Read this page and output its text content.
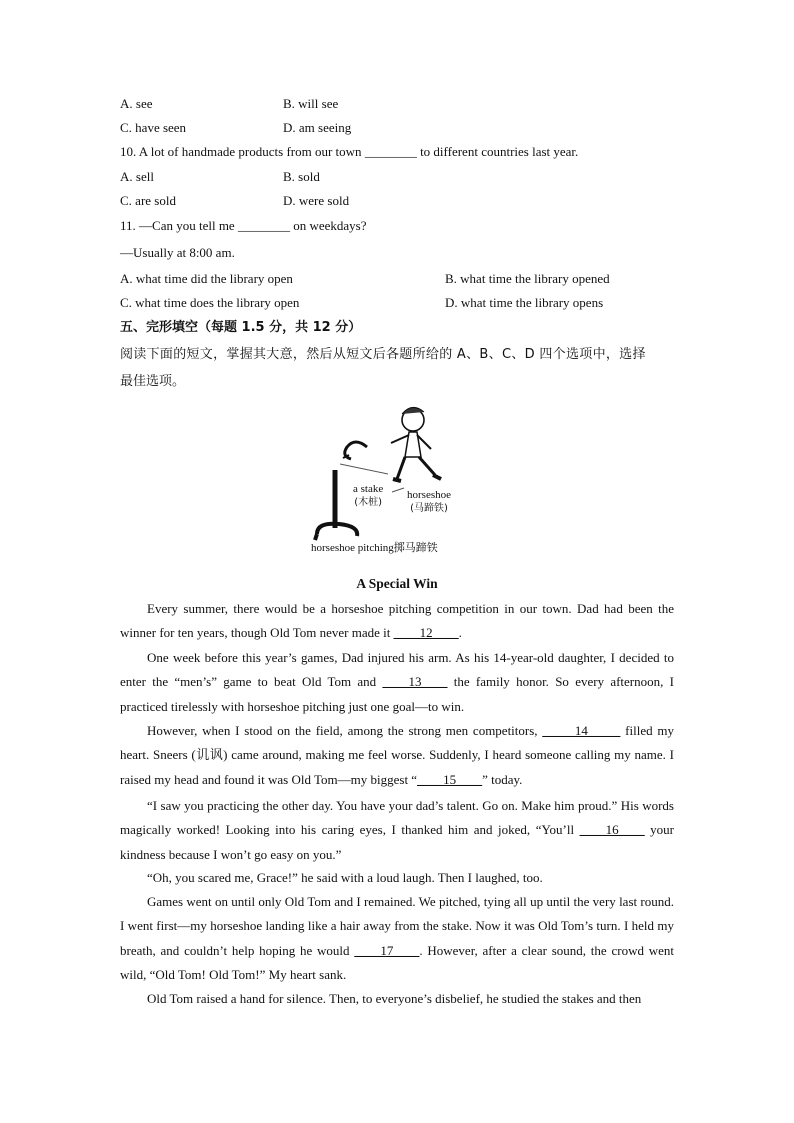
A. see	B. will see
C. have seen	D. am seeing
10. A lot of handmade products from our town ________ to different countries last year.
A. sell	B. sold
C. are sold	D. were sold
11. —Can you tell me ________ on weekdays?
—Usually at 8:00 am.
A. what time did the library open	B. what time the library opened
C. what time does the library open	D. what time the library opens
五、完形填空（每题 1.5 分，共 12 分）
阅读下面的短文，掌握其大意，然后从短文后各题所给的 A、B、C、D 四个选项中，选择
最佳选项。
a stake
(木桩)
horseshoe
(马蹄铁)
horseshoe pitching掷马蹄铁
A Special Win
Every summer, there would be a horseshoe pitching competition in our town. Dad had been the winner for ten years, though Old Tom never made it ____12____.
One week before this year’s games, Dad injured his arm. As his 14-year-old daughter, I decided to enter the “men’s” game to beat Old Tom and ____13____ the family honor. So every afternoon, I practiced tirelessly with horseshoe pitching just one goal—to win.
However, when I stood on the field, among the strong men competitors, _____14_____ filled my heart. Sneers (讥讽) came around, making me feel worse. Suddenly, I heard someone calling my name. I raised my head and found it was Old Tom—my biggest “____15____” today.
“I saw you practicing the other day. You have your dad’s talent. Go on. Make him proud.” His words magically worked! Looking into his caring eyes, I thanked him and joked, “You’ll ____16____ your kindness because I won’t go easy on you.”
“Oh, you scared me, Grace!” he said with a loud laugh. Then I laughed, too.
Games went on until only Old Tom and I remained. We pitched, tying all up until the very last round. I went first—my horseshoe landing like a hair away from the stake. Now it was Old Tom’s turn. I held my breath, and couldn’t help hoping he would ____17____. However, after a clear sound, the crowd went wild, “Old Tom! Old Tom!” My heart sank.
Old Tom raised a hand for silence. Then, to everyone’s disbelief, he studied the stakes and then
